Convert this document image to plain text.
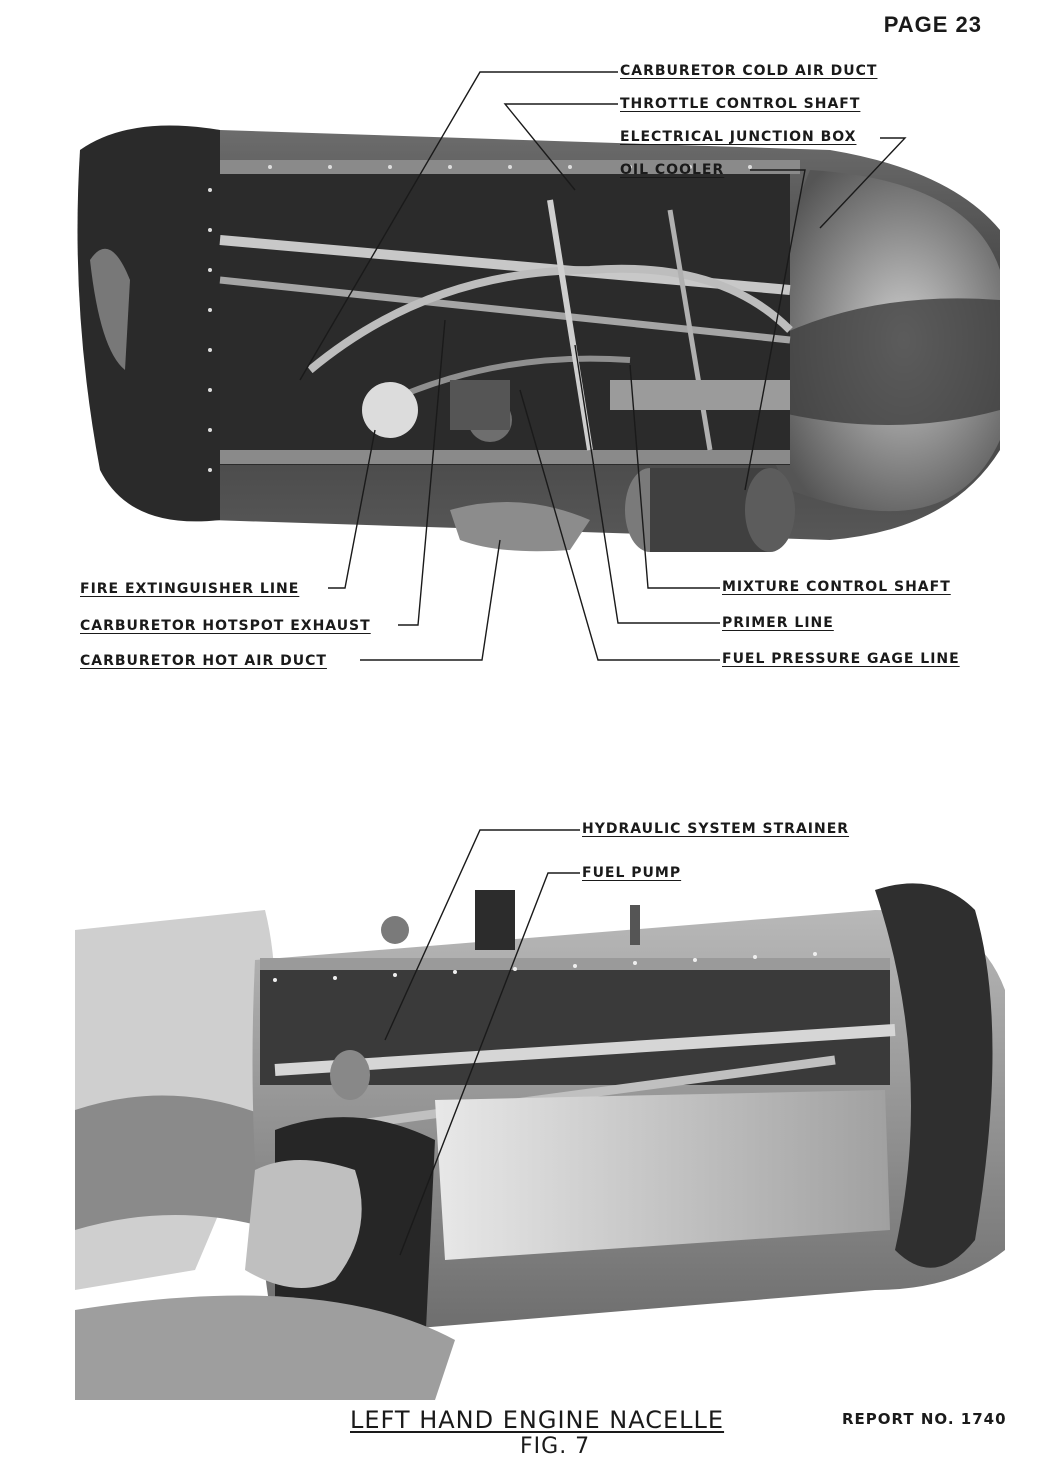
PAGE 23
CARBURETOR COLD AIR DUCT
THROTTLE CONTROL SHAFT
ELECTRICAL JUNCTION BOX
OIL COOLER
FIRE EXTINGUISHER LINE
CARBURETOR HOTSPOT EXHAUST
CARBURETOR HOT AIR DUCT
MIXTURE CONTROL SHAFT
PRIMER LINE
FUEL PRESSURE GAGE LINE
HYDRAULIC SYSTEM STRAINER
FUEL PUMP
LEFT HAND ENGINE NACELLE
FIG. 7
REPORT NO. 1740
